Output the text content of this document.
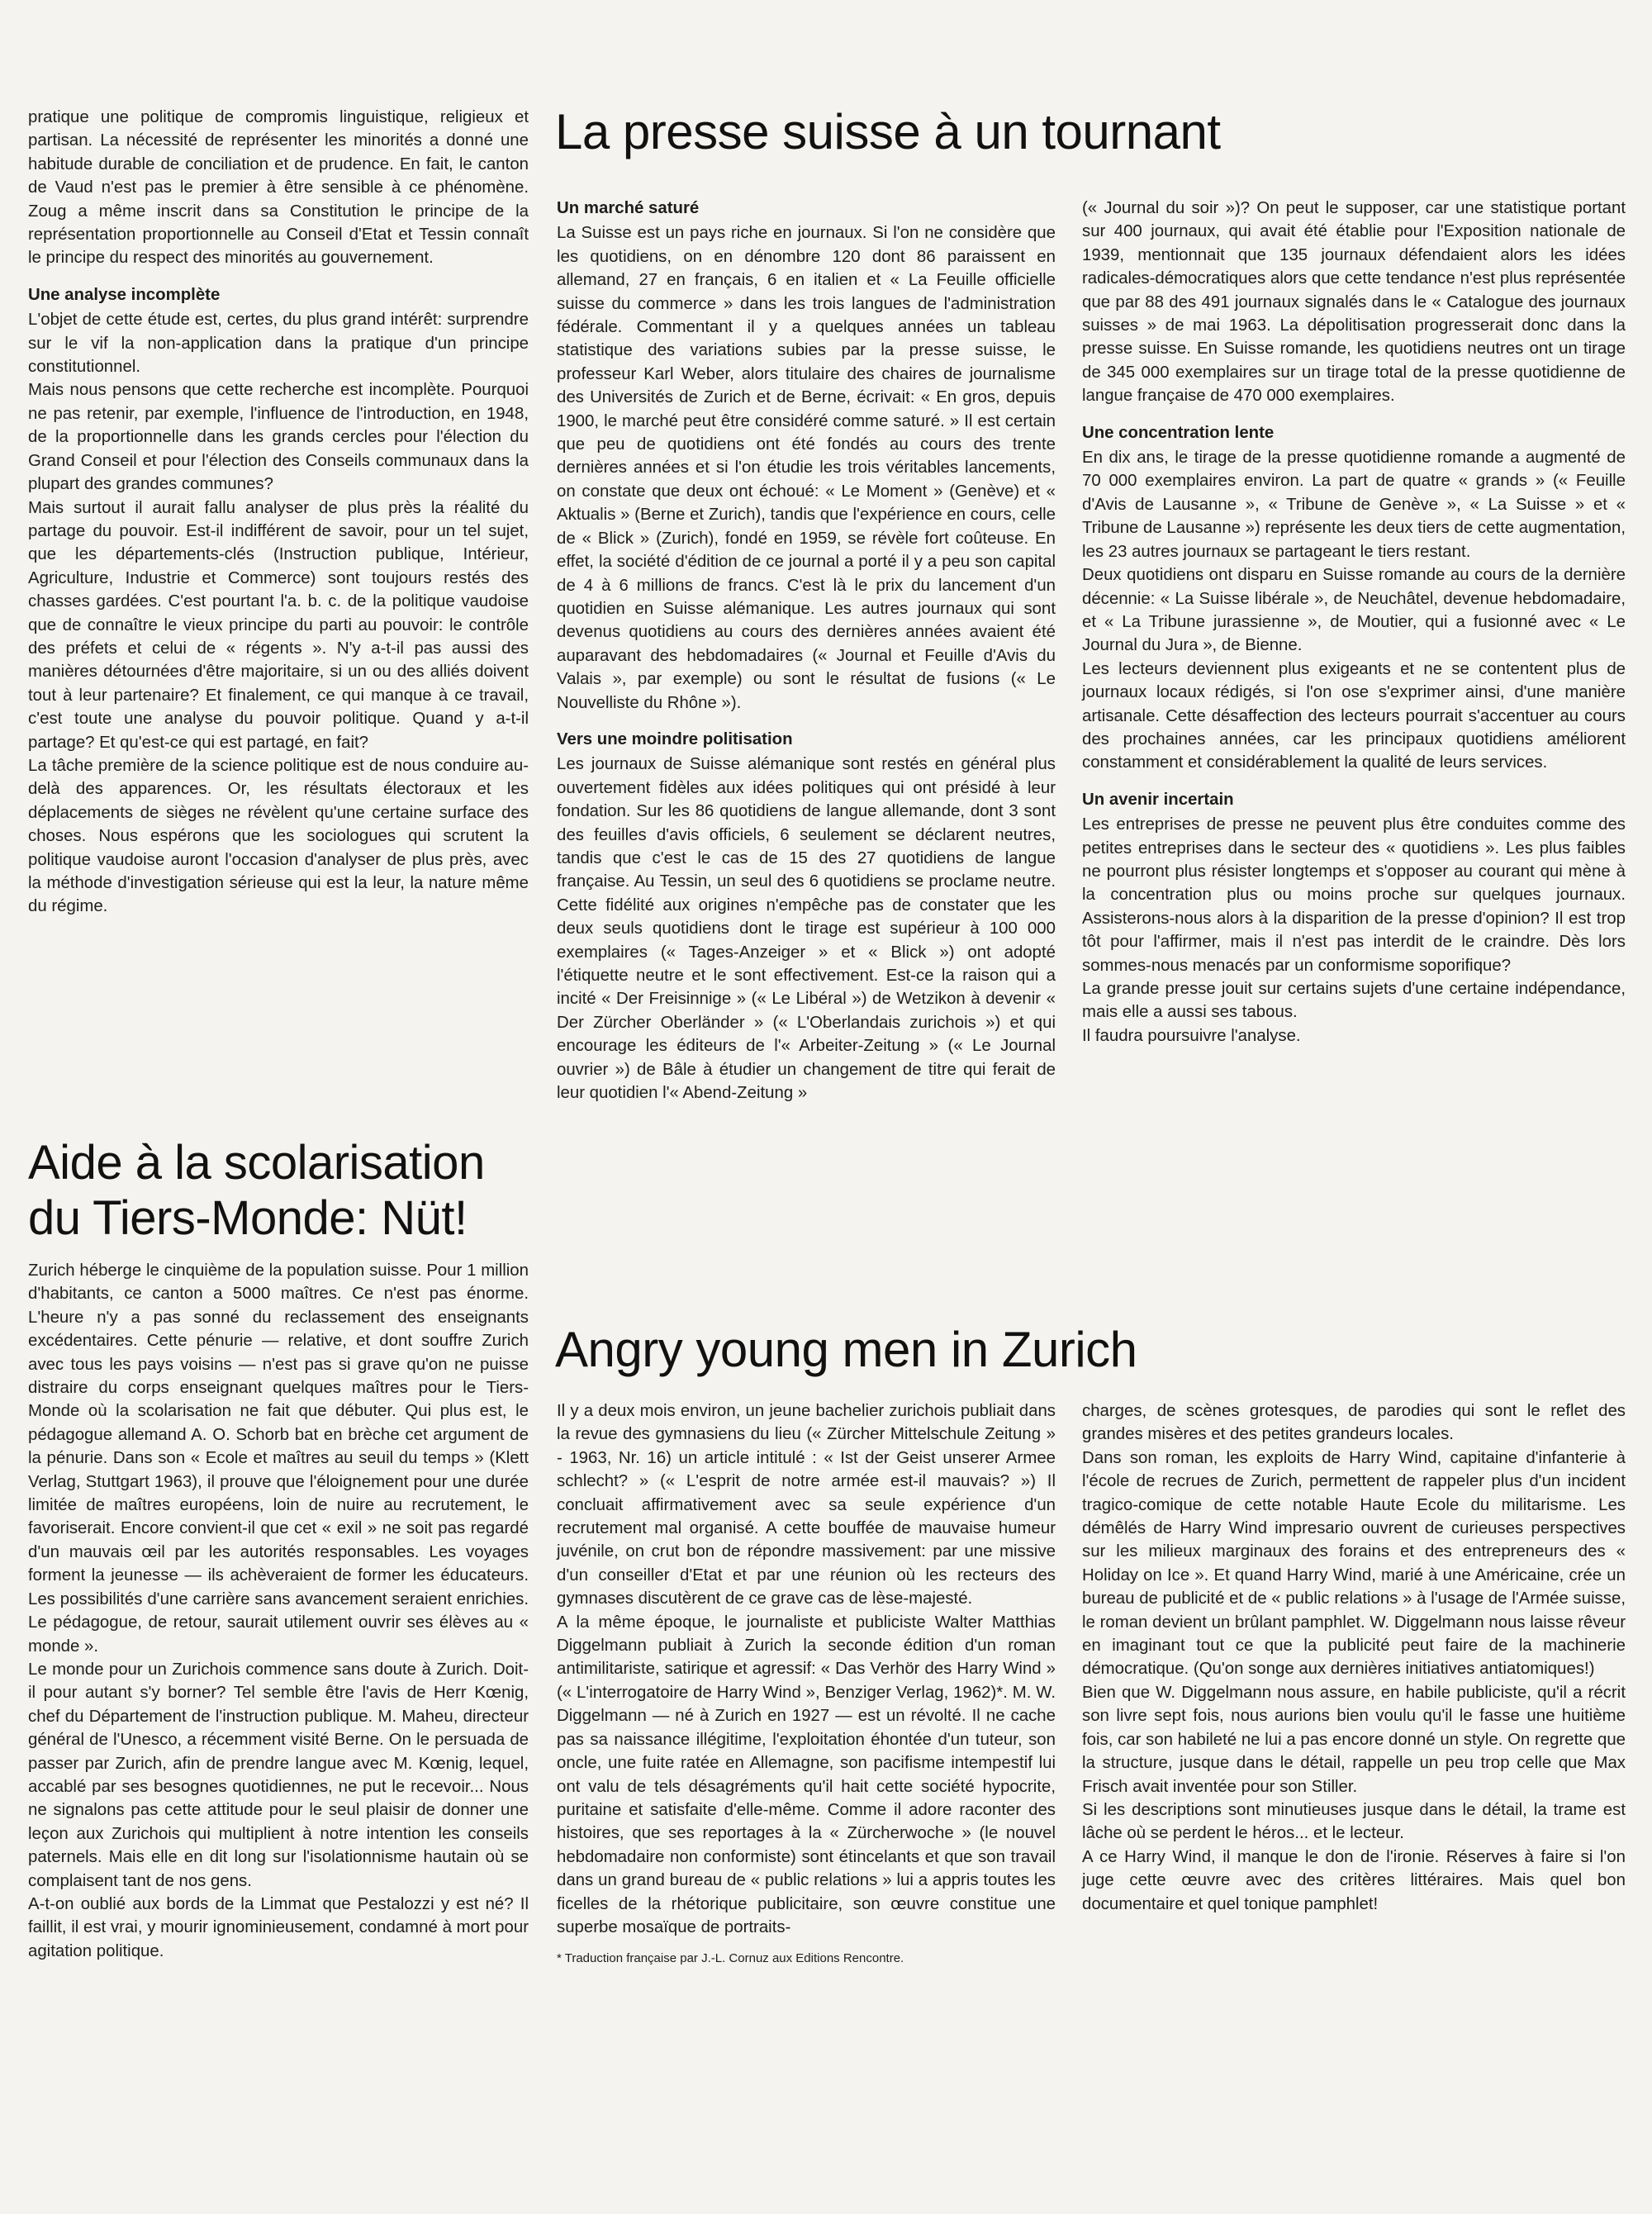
pratique une politique de compromis linguistique, religieux et partisan. La nécessité de représenter les minorités a donné une habitude durable de conciliation et de prudence. En fait, le canton de Vaud n'est pas le premier à être sensible à ce phénomène. Zoug a même inscrit dans sa Constitution le principe de la représentation proportionnelle au Conseil d'Etat et Tessin connaît le principe du respect des minorités au gouvernement.

Une analyse incomplète

L'objet de cette étude est, certes, du plus grand intérêt: surprendre sur le vif la non-application dans la pratique d'un principe constitutionnel.

Mais nous pensons que cette recherche est incomplète. Pourquoi ne pas retenir, par exemple, l'influence de l'introduction, en 1948, de la proportionnelle dans les grands cercles pour l'élection du Grand Conseil et pour l'élection des Conseils communaux dans la plupart des grandes communes?

Mais surtout il aurait fallu analyser de plus près la réalité du partage du pouvoir. Est-il indifférent de savoir, pour un tel sujet, que les départements-clés (Instruction publique, Intérieur, Agriculture, Industrie et Commerce) sont toujours restés des chasses gardées. C'est pourtant l'a. b. c. de la politique vaudoise que de connaître le vieux principe du parti au pouvoir: le contrôle des préfets et celui de « régents ». N'y a-t-il pas aussi des manières détournées d'être majoritaire, si un ou des alliés doivent tout à leur partenaire? Et finalement, ce qui manque à ce travail, c'est toute une analyse du pouvoir politique. Quand y a-t-il partage? Et qu'est-ce qui est partagé, en fait?

La tâche première de la science politique est de nous conduire au-delà des apparences. Or, les résultats électoraux et les déplacements de sièges ne révèlent qu'une certaine surface des choses. Nous espérons que les sociologues qui scrutent la politique vaudoise auront l'occasion d'analyser de plus près, avec la méthode d'investigation sérieuse qui est la leur, la nature même du régime.

La presse suisse à un tournant
Un marché saturé

La Suisse est un pays riche en journaux. Si l'on ne considère que les quotidiens, on en dénombre 120 dont 86 paraissent en allemand, 27 en français, 6 en italien et « La Feuille officielle suisse du commerce » dans les trois langues de l'administration fédérale. Commentant il y a quelques années un tableau statistique des variations subies par la presse suisse, le professeur Karl Weber, alors titulaire des chaires de journalisme des Universités de Zurich et de Berne, écrivait: « En gros, depuis 1900, le marché peut être considéré comme saturé. » Il est certain que peu de quotidiens ont été fondés au cours des trente dernières années et si l'on étudie les trois véritables lancements, on constate que deux ont échoué: « Le Moment » (Genève) et « Aktualis » (Berne et Zurich), tandis que l'expérience en cours, celle de « Blick » (Zurich), fondé en 1959, se révèle fort coûteuse. En effet, la société d'édition de ce journal a porté il y a peu son capital de 4 à 6 millions de francs. C'est là le prix du lancement d'un quotidien en Suisse alémanique. Les autres journaux qui sont devenus quotidiens au cours des dernières années avaient été auparavant des hebdomadaires (« Journal et Feuille d'Avis du Valais », par exemple) ou sont le résultat de fusions (« Le Nouvelliste du Rhône »).

Vers une moindre politisation

Les journaux de Suisse alémanique sont restés en général plus ouvertement fidèles aux idées politiques qui ont présidé à leur fondation. Sur les 86 quotidiens de langue allemande, dont 3 sont des feuilles d'avis officiels, 6 seulement se déclarent neutres, tandis que c'est le cas de 15 des 27 quotidiens de langue française. Au Tessin, un seul des 6 quotidiens se proclame neutre. Cette fidélité aux origines n'empêche pas de constater que les deux seuls quotidiens dont le tirage est supérieur à 100 000 exemplaires (« Tages-Anzeiger » et « Blick ») ont adopté l'étiquette neutre et le sont effectivement. Est-ce la raison qui a incité « Der Freisinnige » (« Le Libéral ») de Wetzikon à devenir « Der Zürcher Oberländer » (« L'Oberlandais zurichois ») et qui encourage les éditeurs de l'« Arbeiter-Zeitung » (« Le Journal ouvrier ») de Bâle à étudier un changement de titre qui ferait de leur quotidien l'« Abend-Zeitung »

(« Journal du soir »)? On peut le supposer, car une statistique portant sur 400 journaux, qui avait été établie pour l'Exposition nationale de 1939, mentionnait que 135 journaux défendaient alors les idées radicales-démocratiques alors que cette tendance n'est plus représentée que par 88 des 491 journaux signalés dans le « Catalogue des journaux suisses » de mai 1963. La dépolitisation progresserait donc dans la presse suisse. En Suisse romande, les quotidiens neutres ont un tirage de 345 000 exemplaires sur un tirage total de la presse quotidienne de langue française de 470 000 exemplaires.

Une concentration lente

En dix ans, le tirage de la presse quotidienne romande a augmenté de 70 000 exemplaires environ. La part de quatre « grands » (« Feuille d'Avis de Lausanne », « Tribune de Genève », « La Suisse » et « Tribune de Lausanne ») représente les deux tiers de cette augmentation, les 23 autres journaux se partageant le tiers restant.

Deux quotidiens ont disparu en Suisse romande au cours de la dernière décennie: « La Suisse libérale », de Neuchâtel, devenue hebdomadaire, et « La Tribune jurassienne », de Moutier, qui a fusionné avec « Le Journal du Jura », de Bienne.

Les lecteurs deviennent plus exigeants et ne se contentent plus de journaux locaux rédigés, si l'on ose s'exprimer ainsi, d'une manière artisanale. Cette désaffection des lecteurs pourrait s'accentuer au cours des prochaines années, car les principaux quotidiens améliorent constamment et considérablement la qualité de leurs services.

Un avenir incertain

Les entreprises de presse ne peuvent plus être conduites comme des petites entreprises dans le secteur des « quotidiens ». Les plus faibles ne pourront plus résister longtemps et s'opposer au courant qui mène à la concentration plus ou moins proche sur quelques journaux. Assisterons-nous alors à la disparition de la presse d'opinion? Il est trop tôt pour l'affirmer, mais il n'est pas interdit de le craindre. Dès lors sommes-nous menacés par un conformisme soporifique?

La grande presse jouit sur certains sujets d'une certaine indépendance, mais elle a aussi ses tabous.

Il faudra poursuivre l'analyse.

Aide à la scolarisation du Tiers-Monde: Nüt!

Zurich héberge le cinquième de la population suisse. Pour 1 million d'habitants, ce canton a 5000 maîtres. Ce n'est pas énorme. L'heure n'y a pas sonné du reclassement des enseignants excédentaires. Cette pénurie — relative, et dont souffre Zurich avec tous les pays voisins — n'est pas si grave qu'on ne puisse distraire du corps enseignant quelques maîtres pour le Tiers-Monde où la scolarisation ne fait que débuter. Qui plus est, le pédagogue allemand A. O. Schorb bat en brèche cet argument de la pénurie. Dans son « Ecole et maîtres au seuil du temps » (Klett Verlag, Stuttgart 1963), il prouve que l'éloignement pour une durée limitée de maîtres européens, loin de nuire au recrutement, le favoriserait. Encore convient-il que cet « exil » ne soit pas regardé d'un mauvais œil par les autorités responsables. Les voyages forment la jeunesse — ils achèveraient de former les éducateurs. Les possibilités d'une carrière sans avancement seraient enrichies. Le pédagogue, de retour, saurait utilement ouvrir ses élèves au « monde ».

Le monde pour un Zurichois commence sans doute à Zurich. Doit-il pour autant s'y borner? Tel semble être l'avis de Herr Kœnig, chef du Département de l'instruction publique. M. Maheu, directeur général de l'Unesco, a récemment visité Berne. On le persuada de passer par Zurich, afin de prendre langue avec M. Kœnig, lequel, accablé par ses besognes quotidiennes, ne put le recevoir... Nous ne signalons pas cette attitude pour le seul plaisir de donner une leçon aux Zurichois qui multiplient à notre intention les conseils paternels. Mais elle en dit long sur l'isolationnisme hautain où se complaisent tant de nos gens.

A-t-on oublié aux bords de la Limmat que Pestalozzi y est né? Il faillit, il est vrai, y mourir ignominieusement, condamné à mort pour agitation politique.

Angry young men in Zurich

Il y a deux mois environ, un jeune bachelier zurichois publiait dans la revue des gymnasiens du lieu (« Zürcher Mittelschule Zeitung » - 1963, Nr. 16) un article intitulé : « Ist der Geist unserer Armee schlecht? » (« L'esprit de notre armée est-il mauvais? ») Il concluait affirmativement avec sa seule expérience d'un recrutement mal organisé. A cette bouffée de mauvaise humeur juvénile, on crut bon de répondre massivement: par une missive d'un conseiller d'Etat et par une réunion où les recteurs des gymnases discutèrent de ce grave cas de lèse-majesté.

A la même époque, le journaliste et publiciste Walter Matthias Diggelmann publiait à Zurich la seconde édition d'un roman antimilitariste, satirique et agressif: « Das Verhör des Harry Wind » (« L'interrogatoire de Harry Wind », Benziger Verlag, 1962)*. M. W. Diggelmann — né à Zurich en 1927 — est un révolté. Il ne cache pas sa naissance illégitime, l'exploitation éhontée d'un tuteur, son oncle, une fuite ratée en Allemagne, son pacifisme intempestif lui ont valu de tels désagréments qu'il hait cette société hypocrite, puritaine et satisfaite d'elle-même. Comme il adore raconter des histoires, que ses reportages à la « Zürcherwoche » (le nouvel hebdomadaire non conformiste) sont étincelants et que son travail dans un grand bureau de « public relations » lui a appris toutes les ficelles de la rhétorique publicitaire, son œuvre constitue une superbe mosaïque de portraits-

* Traduction française par J.-L. Cornuz aux Editions Rencontre.

charges, de scènes grotesques, de parodies qui sont le reflet des grandes misères et des petites grandeurs locales.

Dans son roman, les exploits de Harry Wind, capitaine d'infanterie à l'école de recrues de Zurich, permettent de rappeler plus d'un incident tragico-comique de cette notable Haute Ecole du militarisme. Les démêlés de Harry Wind impresario ouvrent de curieuses perspectives sur les milieux marginaux des forains et des entrepreneurs des « Holiday on Ice ». Et quand Harry Wind, marié à une Américaine, crée un bureau de publicité et de « public relations » à l'usage de l'Armée suisse, le roman devient un brûlant pamphlet. W. Diggelmann nous laisse rêveur en imaginant tout ce que la publicité peut faire de la machinerie démocratique. (Qu'on songe aux dernières initiatives antiatomiques!)

Bien que W. Diggelmann nous assure, en habile publiciste, qu'il a récrit son livre sept fois, nous aurions bien voulu qu'il le fasse une huitième fois, car son habileté ne lui a pas encore donné un style. On regrette que la structure, jusque dans le détail, rappelle un peu trop celle que Max Frisch avait inventée pour son Stiller.

Si les descriptions sont minutieuses jusque dans le détail, la trame est lâche où se perdent le héros... et le lecteur.

A ce Harry Wind, il manque le don de l'ironie. Réserves à faire si l'on juge cette œuvre avec des critères littéraires. Mais quel bon documentaire et quel tonique pamphlet!
